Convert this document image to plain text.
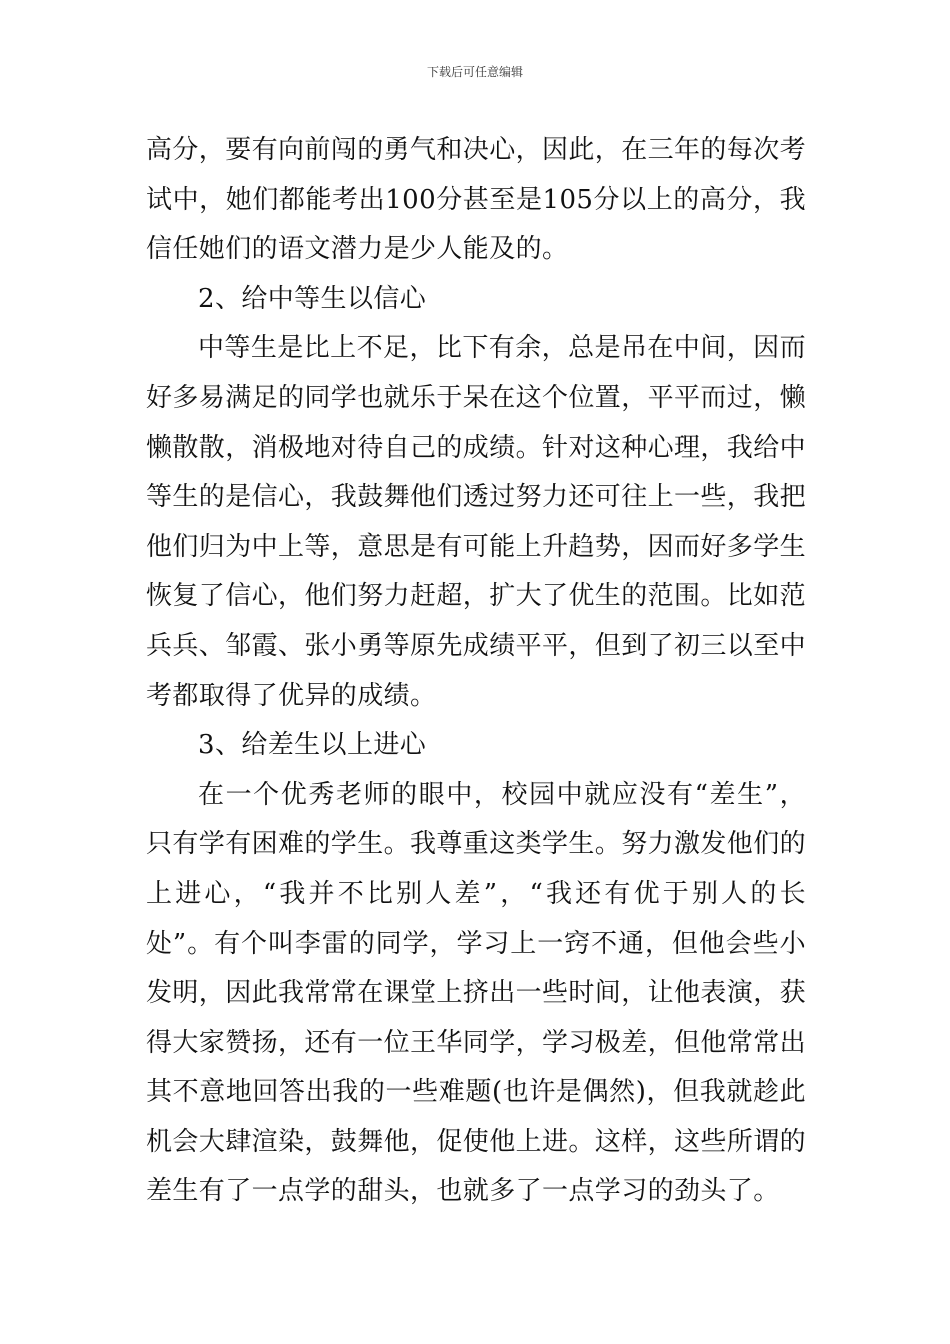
下载后可任意编辑

高分，要有向前闯的勇气和决心，因此，在三年的每次考试中，她们都能考出100分甚至是105分以上的高分，我信任她们的语文潜力是少人能及的。

2、给中等生以信心

中等生是比上不足，比下有余，总是吊在中间，因而好多易满足的同学也就乐于呆在这个位置，平平而过，懒懒散散，消极地对待自己的成绩。针对这种心理，我给中等生的是信心，我鼓舞他们透过努力还可往上一些，我把他们归为中上等，意思是有可能上升趋势，因而好多学生恢复了信心，他们努力赶超，扩大了优生的范围。比如范兵兵、邹霞、张小勇等原先成绩平平，但到了初三以至中考都取得了优异的成绩。

3、给差生以上进心

在一个优秀老师的眼中，校园中就应没有“差生”，只有学有困难的学生。我尊重这类学生。努力激发他们的上进心，“我并不比别人差”，“我还有优于别人的长处”。有个叫李雷的同学，学习上一窍不通，但他会些小发明，因此我常常在课堂上挤出一些时间，让他表演，获得大家赞扬，还有一位王华同学，学习极差，但他常常出其不意地回答出我的一些难题(也许是偶然)，但我就趁此机会大肆渲染，鼓舞他，促使他上进。这样，这些所谓的差生有了一点学的甜头，也就多了一点学习的劲头了。
